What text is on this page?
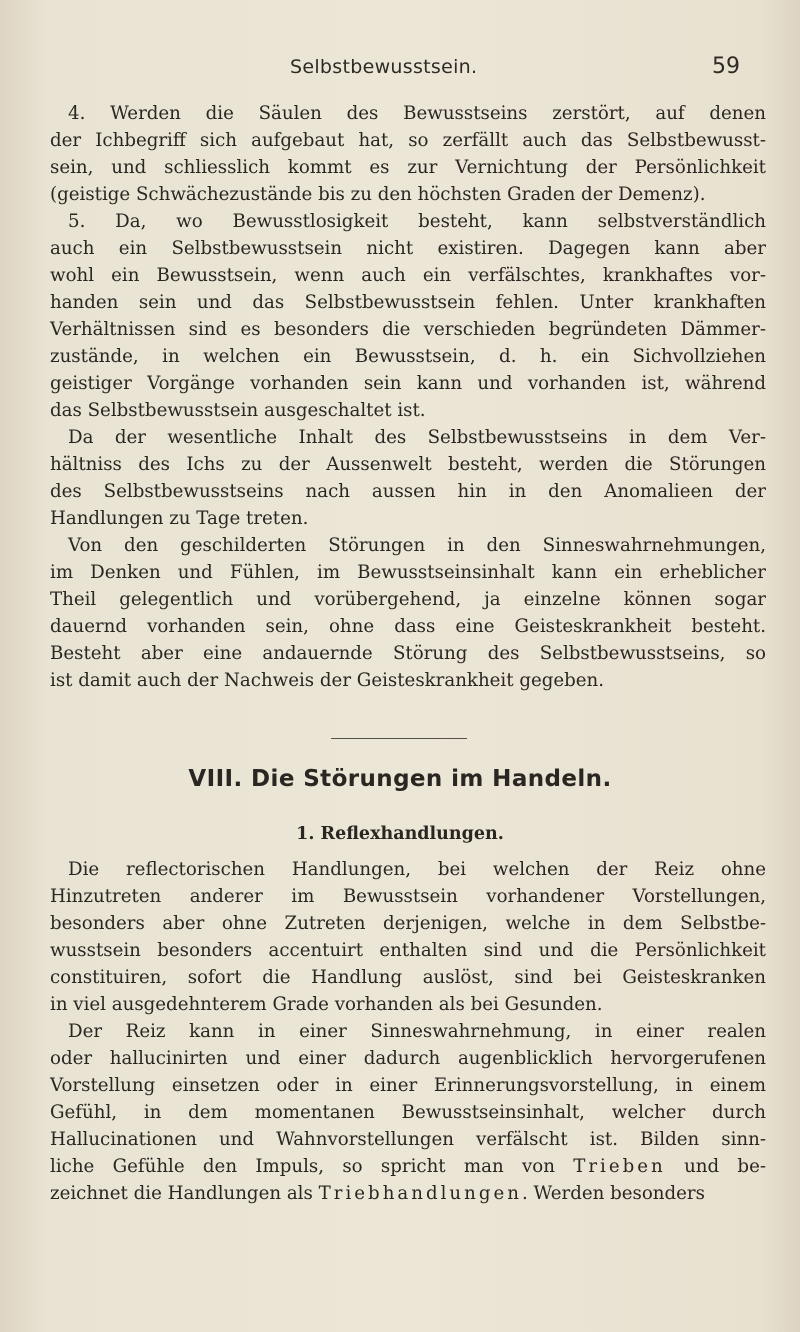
Selbstbewusstsein.	59
4. Werden die Säulen des Bewusstseins zerstört, auf denen
der Ichbegriff sich aufgebaut hat, so zerfällt auch das Selbstbewusst-
sein, und schliesslich kommt es zur Vernichtung der Persönlichkeit
(geistige Schwächezustände bis zu den höchsten Graden der Demenz).
5. Da, wo Bewusstlosigkeit besteht, kann selbstverständlich
auch ein Selbstbewusstsein nicht existiren. Dagegen kann aber
wohl ein Bewusstsein, wenn auch ein verfälschtes, krankhaftes vor-
handen sein und das Selbstbewusstsein fehlen. Unter krankhaften
Verhältnissen sind es besonders die verschieden begründeten Dämmer-
zustände, in welchen ein Bewusstsein, d. h. ein Sichvollziehen
geistiger Vorgänge vorhanden sein kann und vorhanden ist, während
das Selbstbewusstsein ausgeschaltet ist.
Da der wesentliche Inhalt des Selbstbewusstseins in dem Ver-
hältniss des Ichs zu der Aussenwelt besteht, werden die Störungen
des Selbstbewusstseins nach aussen hin in den Anomalieen der
Handlungen zu Tage treten.
Von den geschilderten Störungen in den Sinneswahrnehmungen,
im Denken und Fühlen, im Bewusstseinsinhalt kann ein erheblicher
Theil gelegentlich und vorübergehend, ja einzelne können sogar
dauernd vorhanden sein, ohne dass eine Geisteskrankheit besteht.
Besteht aber eine andauernde Störung des Selbstbewusstseins, so
ist damit auch der Nachweis der Geisteskrankheit gegeben.
VIII. Die Störungen im Handeln.
1. Reflexhandlungen.
Die reflectorischen Handlungen, bei welchen der Reiz ohne
Hinzutreten anderer im Bewusstsein vorhandener Vorstellungen,
besonders aber ohne Zutreten derjenigen, welche in dem Selbstbe-
wusstsein besonders accentuirt enthalten sind und die Persönlichkeit
constituiren, sofort die Handlung auslöst, sind bei Geisteskranken
in viel ausgedehnterem Grade vorhanden als bei Gesunden.
Der Reiz kann in einer Sinneswahrnehmung, in einer realen
oder hallucinirten und einer dadurch augenblicklich hervorgerufenen
Vorstellung einsetzen oder in einer Erinnerungsvorstellung, in einem
Gefühl, in dem momentanen Bewusstseinsinhalt, welcher durch
Hallucinationen und Wahnvorstellungen verfälscht ist. Bilden sinn-
liche Gefühle den Impuls, so spricht man von Trieben und be-
zeichnet die Handlungen als Triebhandlungen. Werden besonders
